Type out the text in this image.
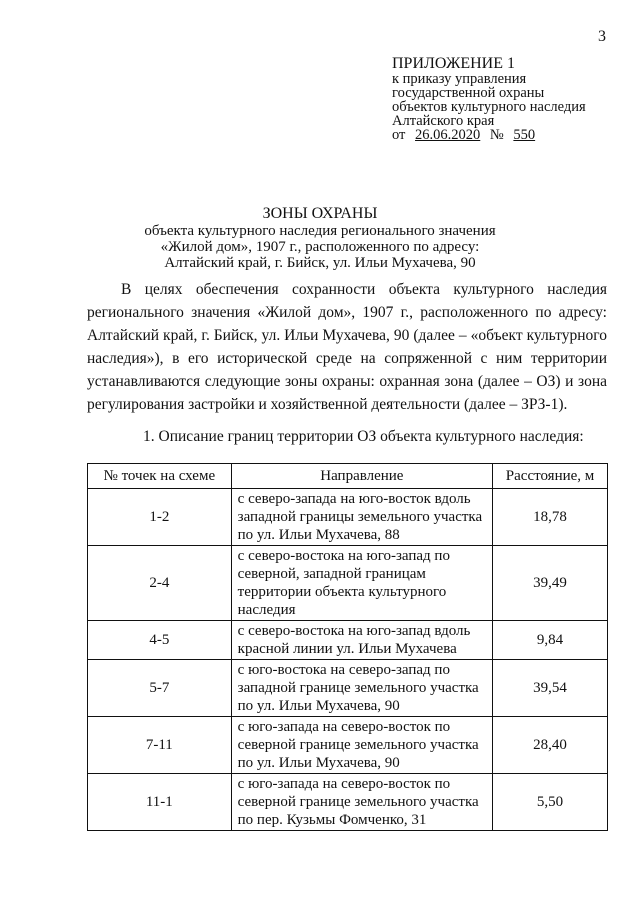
3
ПРИЛОЖЕНИЕ 1
к приказу управления
государственной охраны
объектов культурного наследия
Алтайского края
от 26.06.2020 № 550
ЗОНЫ ОХРАНЫ
объекта культурного наследия регионального значения
«Жилой дом», 1907 г., расположенного по адресу:
Алтайский край, г. Бийск, ул. Ильи Мухачева, 90

В целях обеспечения сохранности объекта культурного наследия регионального значения «Жилой дом», 1907 г., расположенного по адресу: Алтайский край, г. Бийск, ул. Ильи Мухачева, 90 (далее – «объект культурного наследия»), в его исторической среде на сопряженной с ним территории устанавливаются следующие зоны охраны: охранная зона (далее – ОЗ) и зона регулирования застройки и хозяйственной деятельности (далее – ЗРЗ-1).

1. Описание границ территории ОЗ объекта культурного наследия:

№ точек на схеме	Направление	Расстояние, м
1-2	с северо-запада на юго-восток вдоль западной границы земельного участка по ул. Ильи Мухачева, 88	18,78
2-4	с северо-востока на юго-запад по северной, западной границам территории объекта культурного наследия	39,49
4-5	с северо-востока на юго-запад вдоль красной линии ул. Ильи Мухачева	9,84
5-7	с юго-востока на северо-запад по западной границе земельного участка по ул. Ильи Мухачева, 90	39,54
7-11	с юго-запада на северо-восток по северной границе земельного участка по ул. Ильи Мухачева, 90	28,40
11-1	с юго-запада на северо-восток по северной границе земельного участка по пер. Кузьмы Фомченко, 31	5,50
